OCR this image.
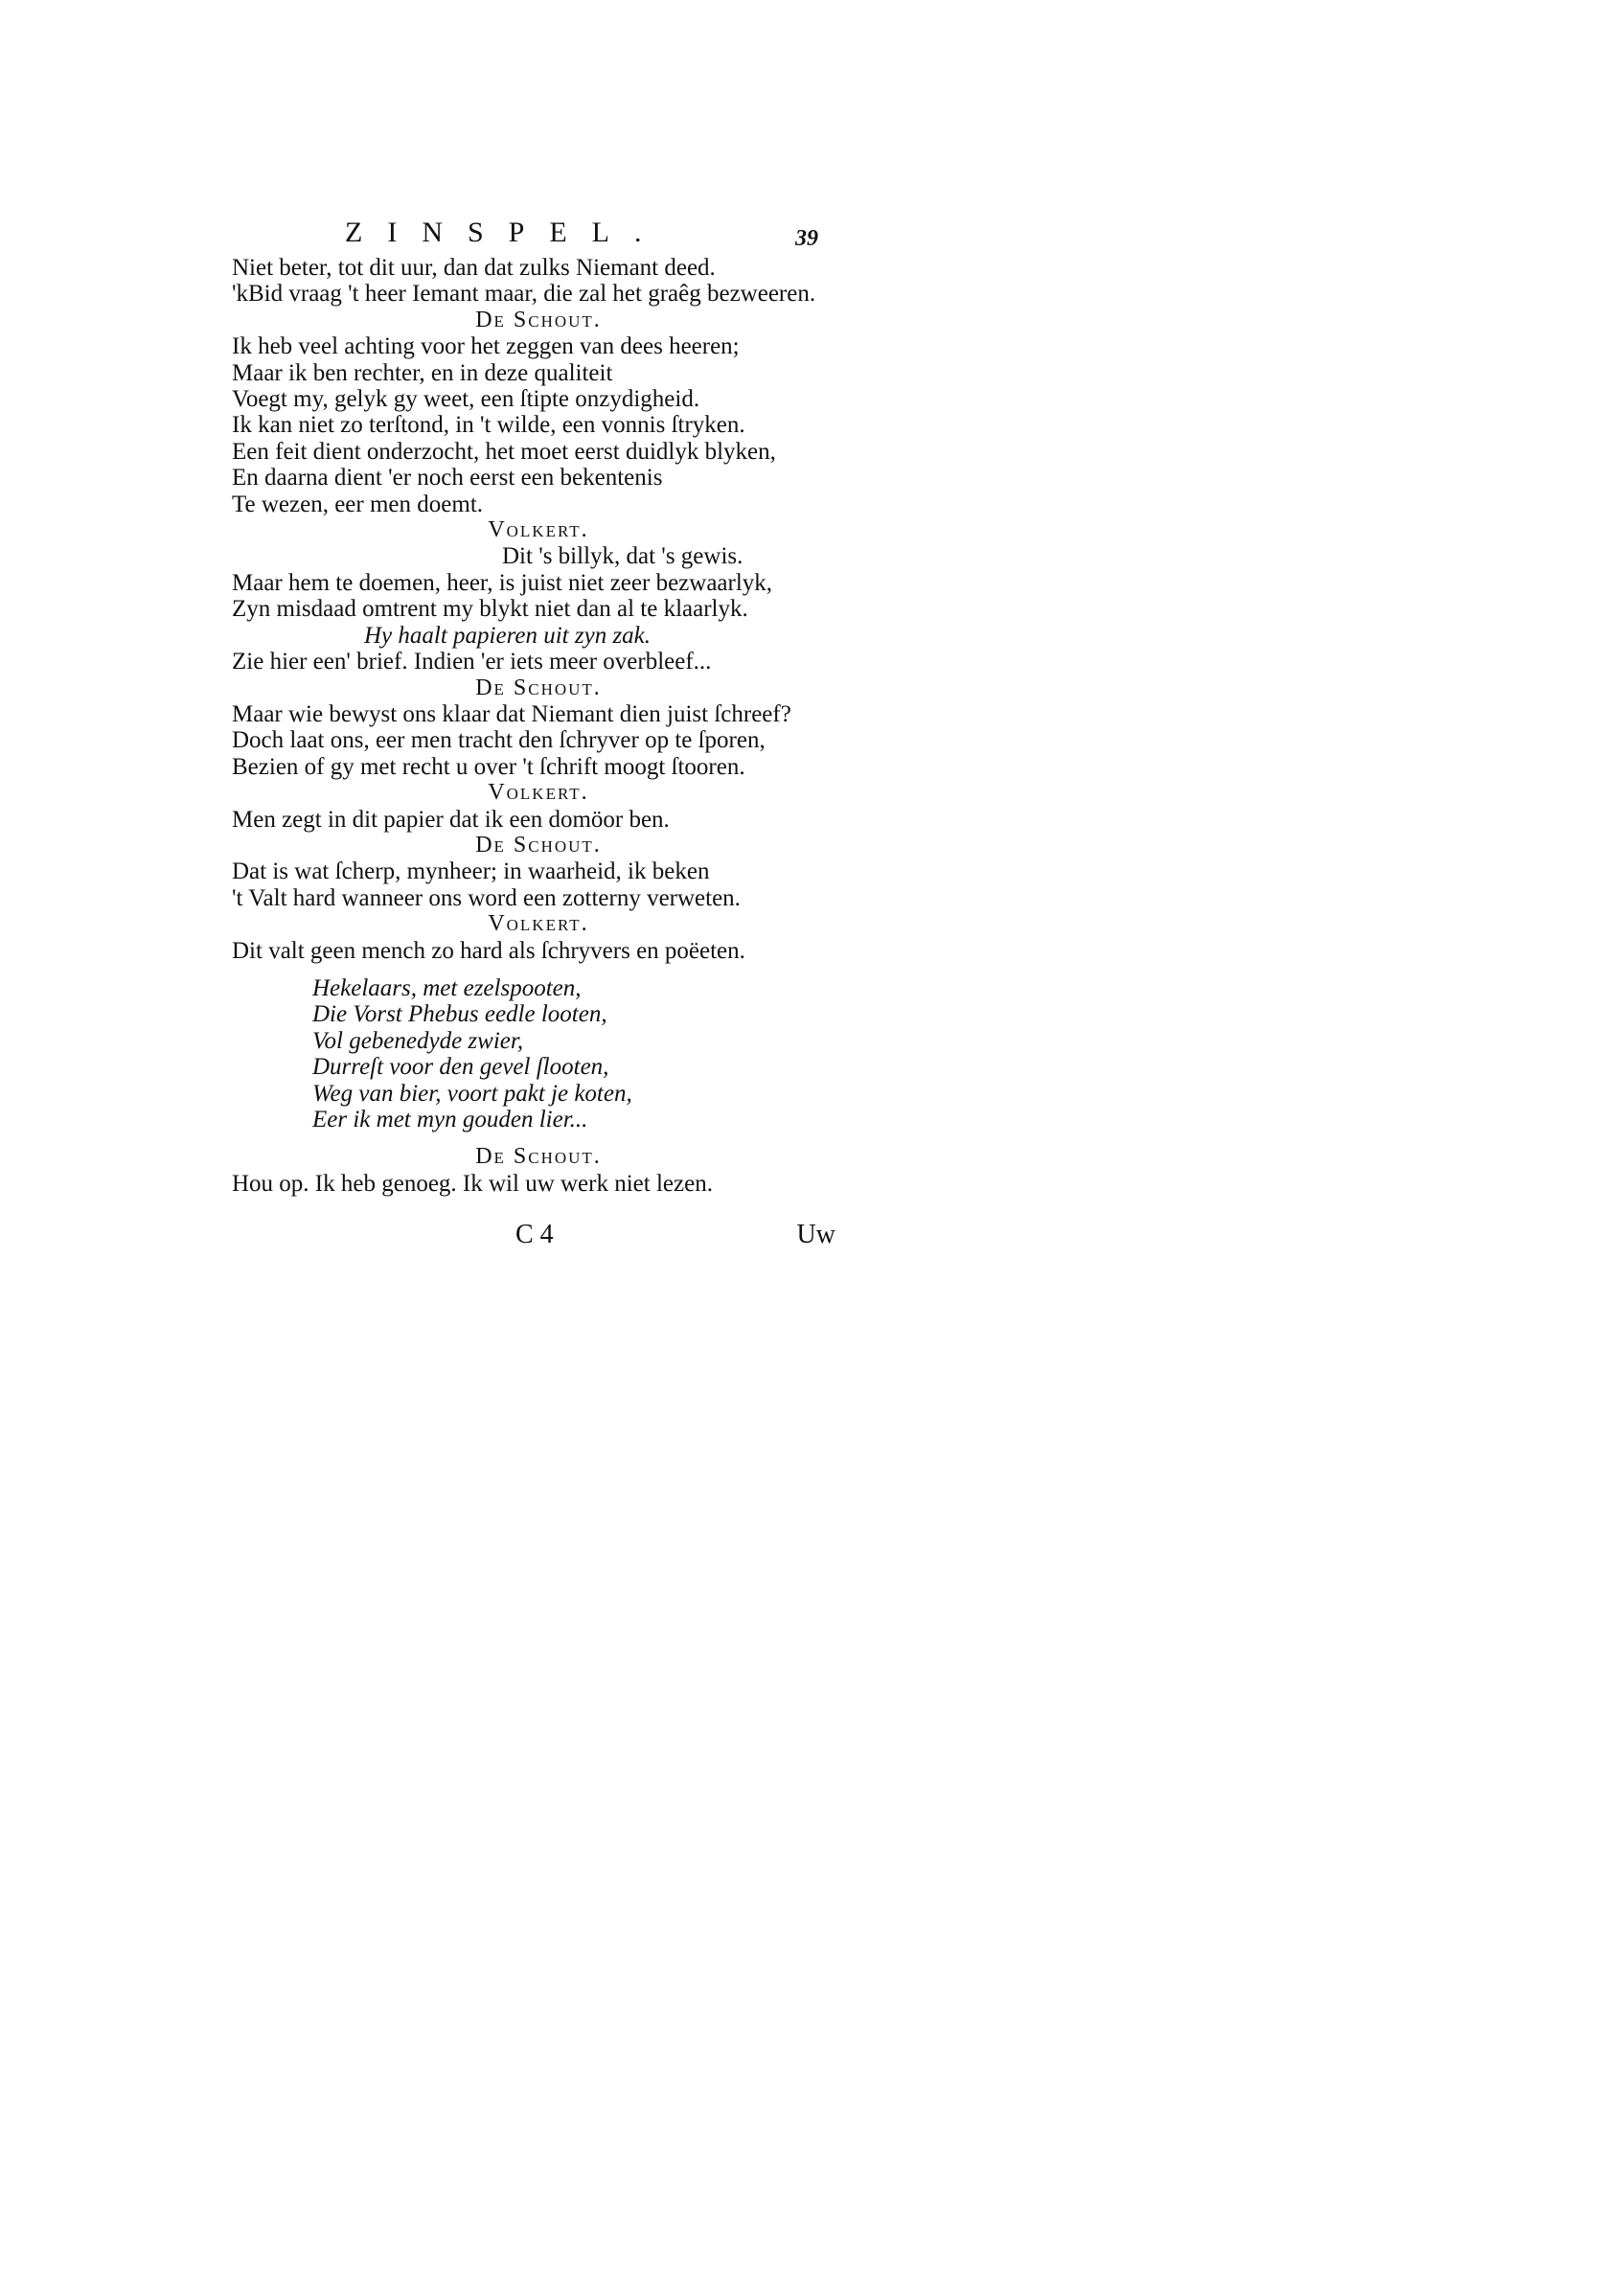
ZINSPEL.	39
Niet beter, tot dit uur, dan dat zulks Niemant deed.
'kBid vraag 't heer Iemant maar, die zal het graêg bezweeren.
De Schout.
Ik heb veel achting voor het zeggen van dees heeren;
Maar ik ben rechter, en in deze qualiteit
Voegt my, gelyk gy weet, een ſtipte onzydigheid.
Ik kan niet zo terſtond, in 't wilde, een vonnis ſtryken.
Een feit dient onderzocht, het moet eerst duidlyk blyken,
En daarna dient 'er noch eerst een bekentenis
Te wezen, eer men doemt.
Volkert.
Dit 's billyk, dat 's gewis.
Maar hem te doemen, heer, is juist niet zeer bezwaarlyk,
Zyn misdaad omtrent my blykt niet dan al te klaarlyk.
Hy haalt papieren uit zyn zak.
Zie hier een' brief. Indien 'er iets meer overbleef...
De Schout.
Maar wie bewyst ons klaar dat Niemant dien juist ſchreef?
Doch laat ons, eer men tracht den ſchryver op te ſporen,
Bezien of gy met recht u over 't ſchrift moogt ſtooren.
Volkert.
Men zegt in dit papier dat ik een domöor ben.
De Schout.
Dat is wat ſcherp, mynheer; in waarheid, ik beken
't Valt hard wanneer ons word een zotterny verweten.
Volkert.
Dit valt geen mench zo hard als ſchryvers en poëeten.
Hekelaars, met ezelspooten,
Die Vorst Phebus eedle looten,
Vol gebenedyde zwier,
Durreſt voor den gevel ſlooten,
Weg van bier, voort pakt je koten,
Eer ik met myn gouden lier...
De Schout.
Hou op. Ik heb genoeg. Ik wil uw werk niet lezen.
C 4	Uw
